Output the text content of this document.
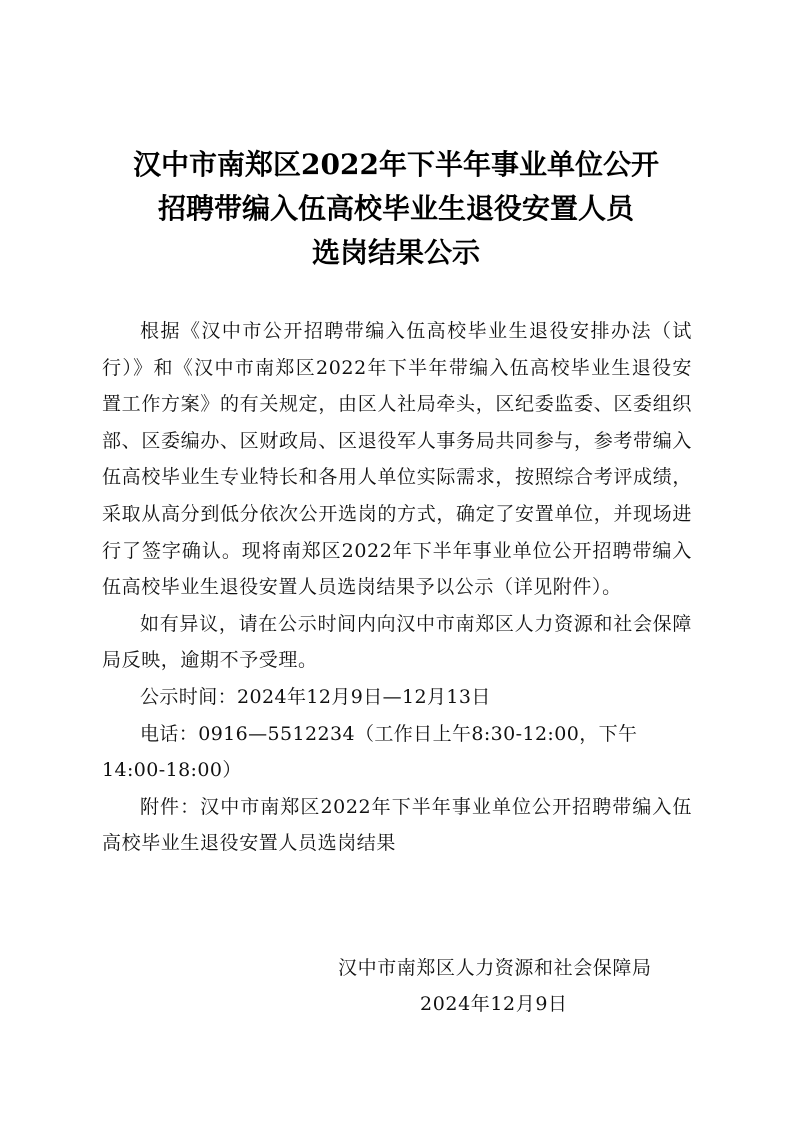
汉中市南郑区2022年下半年事业单位公开
招聘带编入伍高校毕业生退役安置人员
选岗结果公示

根据《汉中市公开招聘带编入伍高校毕业生退役安排办法（试行）》和《汉中市南郑区2022年下半年带编入伍高校毕业生退役安置工作方案》的有关规定，由区人社局牵头，区纪委监委、区委组织部、区委编办、区财政局、区退役军人事务局共同参与，参考带编入伍高校毕业生专业特长和各用人单位实际需求，按照综合考评成绩，采取从高分到低分依次公开选岗的方式，确定了安置单位，并现场进行了签字确认。现将南郑区2022年下半年事业单位公开招聘带编入伍高校毕业生退役安置人员选岗结果予以公示（详见附件）。

如有异议，请在公示时间内向汉中市南郑区人力资源和社会保障局反映，逾期不予受理。

公示时间：2024年12月9日—12月13日

电话：0916—5512234（工作日上午8:30-12:00，下午

14:00-18:00）

附件：汉中市南郑区2022年下半年事业单位公开招聘带编入伍高校毕业生退役安置人员选岗结果

汉中市南郑区人力资源和社会保障局
2024年12月9日
